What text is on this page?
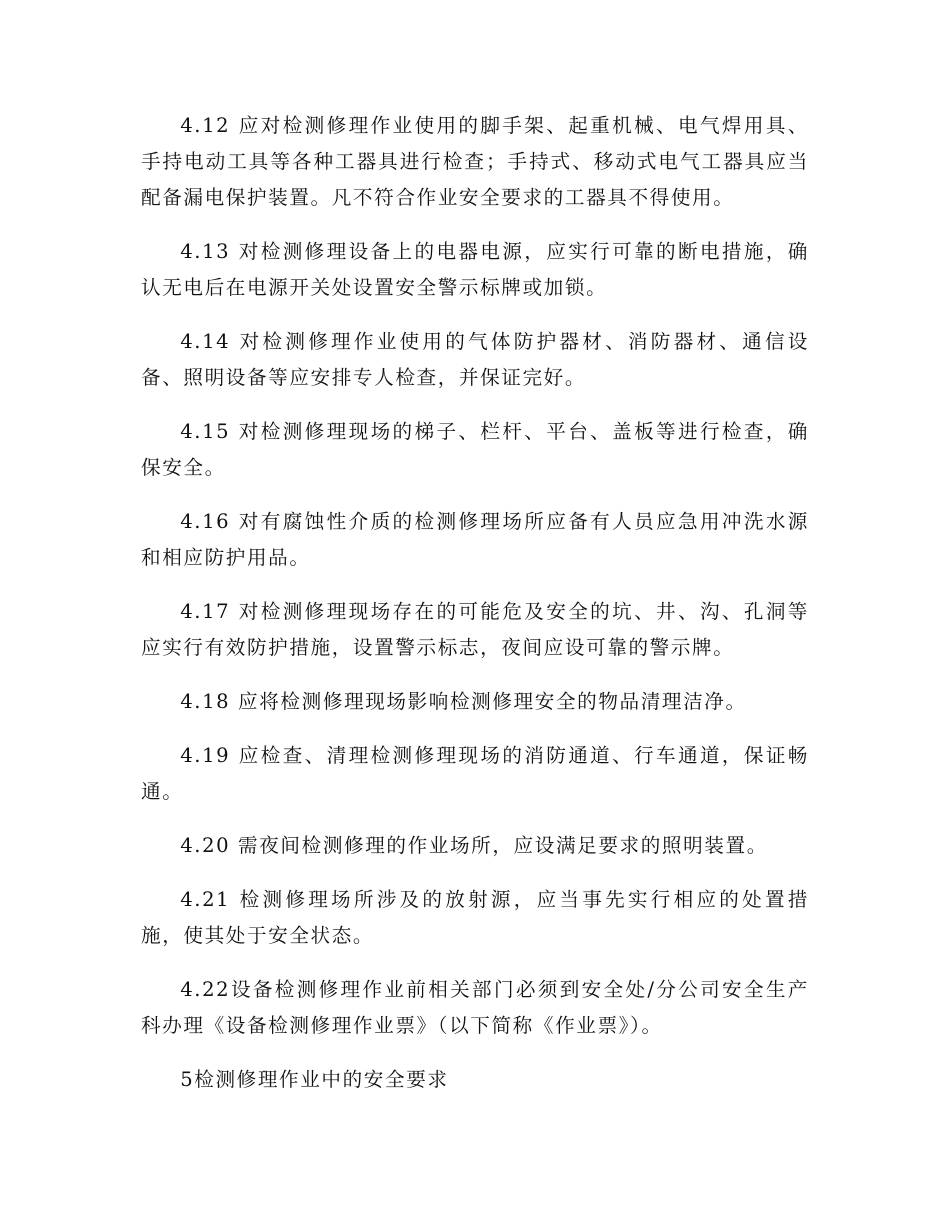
4.12 应对检测修理作业使用的脚手架、起重机械、电气焊用具、手持电动工具等各种工器具进行检查；手持式、移动式电气工器具应当配备漏电保护装置。凡不符合作业安全要求的工器具不得使用。

4.13 对检测修理设备上的电器电源，应实行可靠的断电措施，确认无电后在电源开关处设置安全警示标牌或加锁。

4.14 对检测修理作业使用的气体防护器材、消防器材、通信设备、照明设备等应安排专人检查，并保证完好。

4.15 对检测修理现场的梯子、栏杆、平台、盖板等进行检查，确保安全。

4.16 对有腐蚀性介质的检测修理场所应备有人员应急用冲洗水源和相应防护用品。

4.17 对检测修理现场存在的可能危及安全的坑、井、沟、孔洞等应实行有效防护措施，设置警示标志，夜间应设可靠的警示牌。

4.18 应将检测修理现场影响检测修理安全的物品清理洁净。

4.19 应检查、清理检测修理现场的消防通道、行车通道，保证畅通。

4.20 需夜间检测修理的作业场所，应设满足要求的照明装置。

4.21 检测修理场所涉及的放射源，应当事先实行相应的处置措施，使其处于安全状态。

4.22设备检测修理作业前相关部门必须到安全处/分公司安全生产科办理《设备检测修理作业票》（以下简称《作业票》）。

5检测修理作业中的安全要求
